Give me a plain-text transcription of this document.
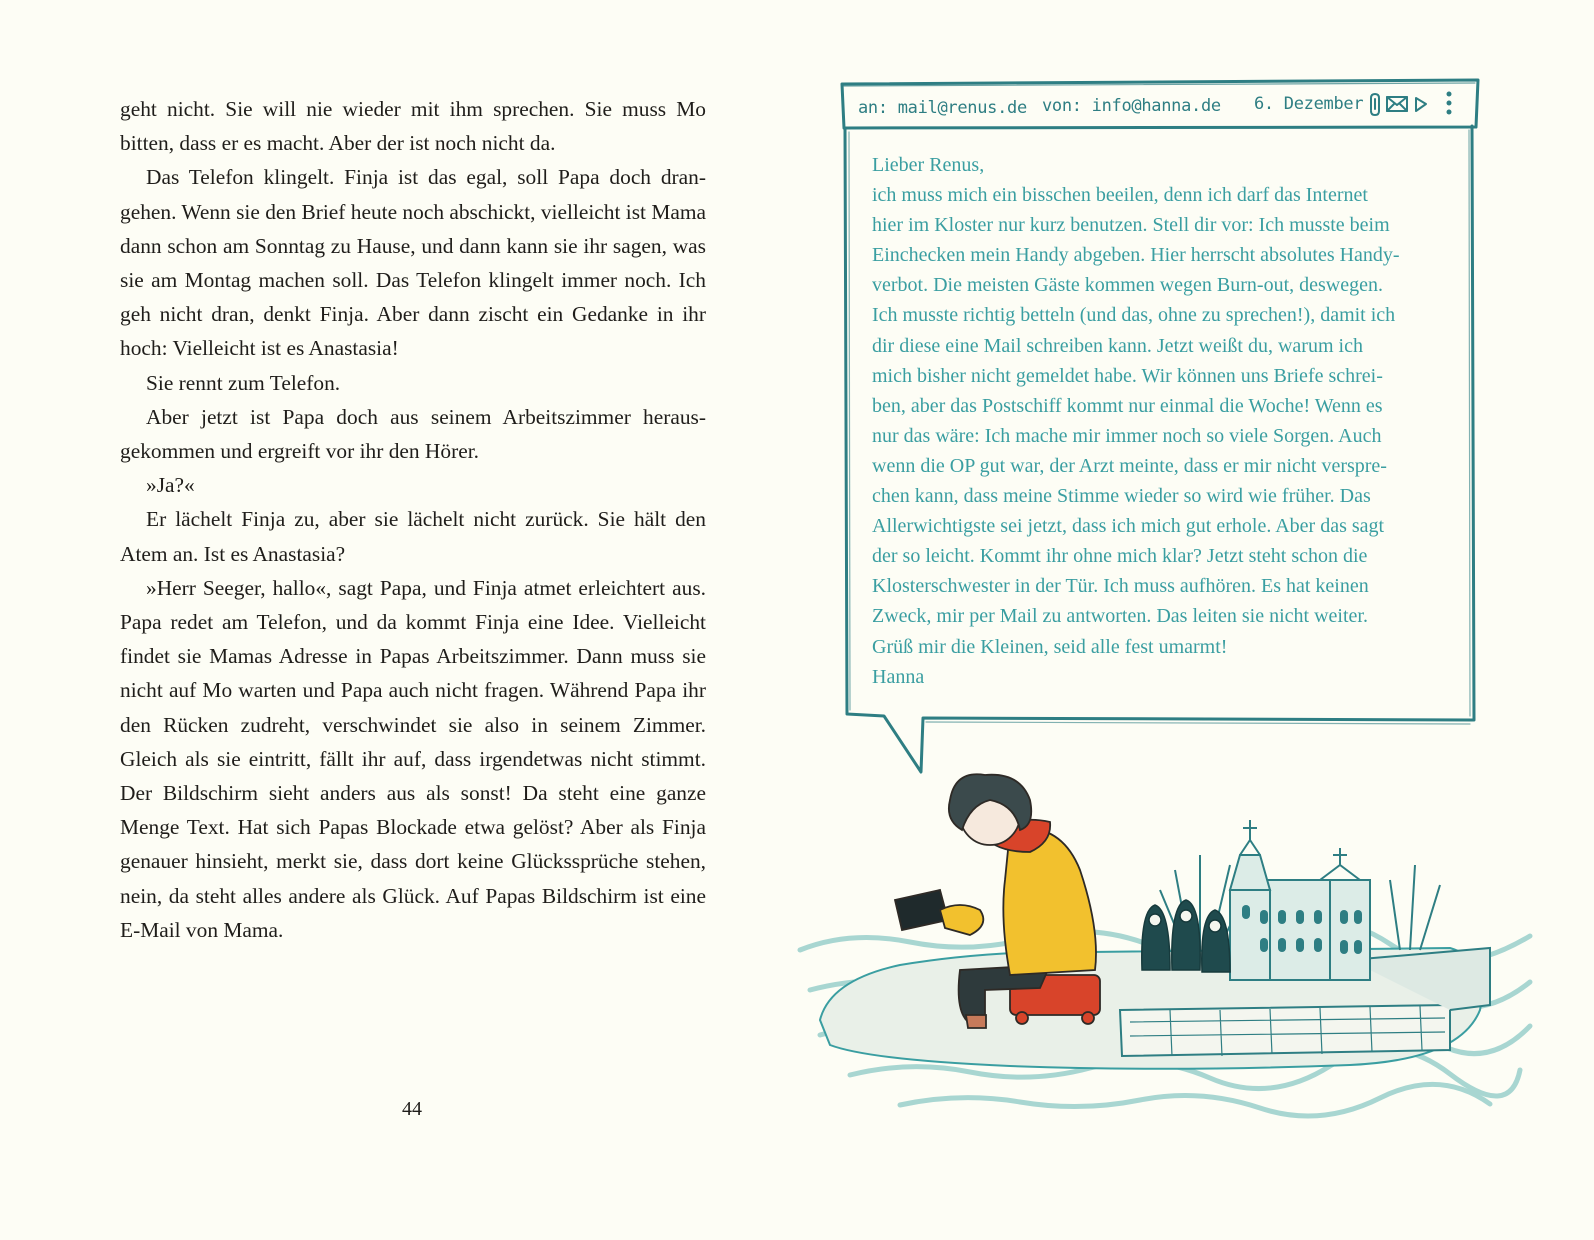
geht nicht. Sie will nie wieder mit ihm sprechen. Sie muss Mo bitten, dass er es macht. Aber der ist noch nicht da.

Das Telefon klingelt. Finja ist das egal, soll Papa doch drangehen. Wenn sie den Brief heute noch abschickt, vielleicht ist Mama dann schon am Sonntag zu Hause, und dann kann sie ihr sagen, was sie am Montag machen soll. Das Telefon klingelt immer noch. Ich geh nicht dran, denkt Finja. Aber dann zischt ein Gedanke in ihr hoch: Vielleicht ist es Anastasia!

Sie rennt zum Telefon.

Aber jetzt ist Papa doch aus seinem Arbeitszimmer herausgekommen und ergreift vor ihr den Hörer.

»Ja?«

Er lächelt Finja zu, aber sie lächelt nicht zurück. Sie hält den Atem an. Ist es Anastasia?

»Herr Seeger, hallo«, sagt Papa, und Finja atmet erleichtert aus. Papa redet am Telefon, und da kommt Finja eine Idee. Vielleicht findet sie Mamas Adresse in Papas Arbeitszimmer. Dann muss sie nicht auf Mo warten und Papa auch nicht fragen. Während Papa ihr den Rücken zudreht, verschwindet sie also in seinem Zimmer. Gleich als sie eintritt, fällt ihr auf, dass irgendetwas nicht stimmt. Der Bildschirm sieht anders aus als sonst! Da steht eine ganze Menge Text. Hat sich Papas Blockade etwa gelöst? Aber als Finja genauer hinsieht, merkt sie, dass dort keine Glückssprüche stehen, nein, da steht alles andere als Glück. Auf Papas Bildschirm ist eine E-Mail von Mama.

44
an: mail@renus.de von: info@hanna.de 6. Dezember
Lieber Renus,
ich muss mich ein bisschen beeilen, denn ich darf das Internet
hier im Kloster nur kurz benutzen. Stell dir vor: Ich musste beim
Einchecken mein Handy abgeben. Hier herrscht absolutes Handy-
verbot. Die meisten Gäste kommen wegen Burn-out, deswegen.
Ich musste richtig betteln (und das, ohne zu sprechen!), damit ich
dir diese eine Mail schreiben kann. Jetzt weißt du, warum ich
mich bisher nicht gemeldet habe. Wir können uns Briefe schrei-
ben, aber das Postschiff kommt nur einmal die Woche! Wenn es
nur das wäre: Ich mache mir immer noch so viele Sorgen. Auch
wenn die OP gut war, der Arzt meinte, dass er mir nicht verspre-
chen kann, dass meine Stimme wieder so wird wie früher. Das
Allerwichtigste sei jetzt, dass ich mich gut erhole. Aber das sagt
der so leicht. Kommt ihr ohne mich klar? Jetzt steht schon die
Klosterschwester in der Tür. Ich muss aufhören. Es hat keinen
Zweck, mir per Mail zu antworten. Das leiten sie nicht weiter.
Grüß mir die Kleinen, seid alle fest umarmt!
Hanna
